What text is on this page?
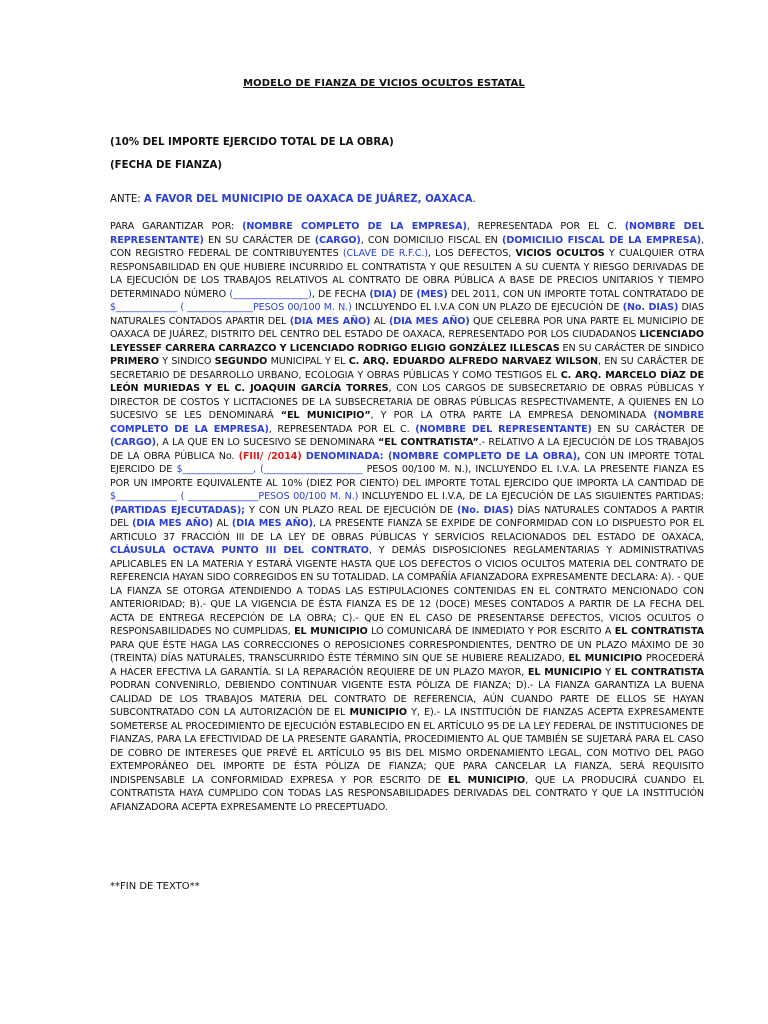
MODELO DE FIANZA DE VICIOS OCULTOS ESTATAL
(10% DEL IMPORTE EJERCIDO TOTAL DE LA OBRA)
(FECHA DE FIANZA)
ANTE: A FAVOR DEL MUNICIPIO DE OAXACA DE JUÁREZ, OAXACA.
PARA GARANTIZAR POR: (NOMBRE COMPLETO DE LA EMPRESA), REPRESENTADA POR EL C. (NOMBRE DEL REPRESENTANTE) EN SU CARÁCTER DE (CARGO), CON DOMICILIO FISCAL EN (DOMICILIO FISCAL DE LA EMPRESA), CON REGISTRO FEDERAL DE CONTRIBUYENTES (CLAVE DE R.F.C.), LOS DEFECTOS, VICIOS OCULTOS Y CUALQUIER OTRA RESPONSABILIDAD EN QUE HUBIERE INCURRIDO EL CONTRATISTA Y QUE RESULTEN A SU CUENTA Y RIESGO DERIVADAS DE LA EJECUCIÓN DE LOS TRABAJOS RELATIVOS AL CONTRATO DE OBRA PÚBLICA A BASE DE PRECIOS UNITARIOS Y TIEMPO DETERMINADO NÚMERO (________________), DE FECHA (DIA) DE (MES) DEL 2011, CON UN IMPORTE TOTAL CONTRATADO DE $_____________ ( ______________PESOS 00/100 M. N.) INCLUYENDO EL I.V.A CON UN PLAZO DE EJECUCIÓN DE (No. DIAS) DIAS NATURALES CONTADOS APARTIR DEL (DIA MES AÑO) AL (DIA MES AÑO) QUE CELEBRA POR UNA PARTE EL MUNICIPIO DE OAXACA DE JUÁREZ, DISTRITO DEL CENTRO DEL ESTADO DE OAXACA, REPRESENTADO POR LOS CIUDADANOS LICENCIADO LEYESSEF CARRERA CARRAZCO Y LICENCIADO RODRIGO ELIGIO GONZÁLEZ ILLESCAS EN SU CARÁCTER DE SINDICO PRIMERO Y SINDICO SEGUNDO MUNICIPAL Y EL C. ARQ. EDUARDO ALFREDO NARVAEZ WILSON, EN SU CARÁCTER DE SECRETARIO DE DESARROLLO URBANO, ECOLOGIA Y OBRAS PÚBLICAS Y COMO TESTIGOS EL C. ARQ. MARCELO DÍAZ DE LEÓN MURIEDAS Y EL C. JOAQUIN GARCÍA TORRES, CON LOS CARGOS DE SUBSECRETARIO DE OBRAS PÚBLICAS Y DIRECTOR DE COSTOS Y LICITACIONES DE LA SUBSECRETARIA DE OBRAS PÚBLICAS RESPECTIVAMENTE, A QUIENES EN LO SUCESIVO SE LES DENOMINARÁ “EL MUNICIPIO”, Y POR LA OTRA PARTE LA EMPRESA DENOMINADA (NOMBRE COMPLETO DE LA EMPRESA), REPRESENTADA POR EL C. (NOMBRE DEL REPRESENTANTE) EN SU CARÁCTER DE (CARGO), A LA QUE EN LO SUCESIVO SE DENOMINARA “EL CONTRATISTA”.- RELATIVO A LA EJECUCIÓN DE LOS TRABAJOS DE LA OBRA PÚBLICA No. (FIII/ /2014) DENOMINADA: (NOMBRE COMPLETO DE LA OBRA), CON UN IMPORTE TOTAL EJERCIDO DE $_______________, (_____________________ PESOS 00/100 M. N.), INCLUYENDO EL I.V.A. LA PRESENTE FIANZA ES POR UN IMPORTE EQUIVALENTE AL 10% (DIEZ POR CIENTO) DEL IMPORTE TOTAL EJERCIDO QUE IMPORTA LA CANTIDAD DE $_____________ ( _______________PESOS 00/100 M. N.) INCLUYENDO EL I.V.A, DE LA EJECUCIÓN DE LAS SIGUIENTES PARTIDAS: (PARTIDAS EJECUTADAS); Y CON UN PLAZO REAL DE EJECUCIÓN DE (No. DIAS) DÍAS NATURALES CONTADOS A PARTIR DEL (DIA MES AÑO) AL (DIA MES AÑO), LA PRESENTE FIANZA SE EXPIDE DE CONFORMIDAD CON LO DISPUESTO POR EL ARTICULO 37 FRACCIÓN III DE LA LEY DE OBRAS PÚBLICAS Y SERVICIOS RELACIONADOS DEL ESTADO DE OAXACA, CLÁUSULA OCTAVA PUNTO III DEL CONTRATO, Y DEMÁS DISPOSICIONES REGLAMENTARIAS Y ADMINISTRATIVAS APLICABLES EN LA MATERIA Y ESTARÁ VIGENTE HASTA QUE LOS DEFECTOS O VICIOS OCULTOS MATERIA DEL CONTRATO DE REFERENCIA HAYAN SIDO CORREGIDOS EN SU TOTALIDAD. LA COMPAÑÍA AFIANZADORA EXPRESAMENTE DECLARA: A). - QUE LA FIANZA SE OTORGA ATENDIENDO A TODAS LAS ESTIPULACIONES CONTENIDAS EN EL CONTRATO MENCIONADO CON ANTERIORIDAD; B).- QUE LA VIGENCIA DE ÉSTA FIANZA ES DE 12 (DOCE) MESES CONTADOS A PARTIR DE LA FECHA DEL ACTA DE ENTREGA RECEPCIÓN DE LA OBRA; C).- QUE EN EL CASO DE PRESENTARSE DEFECTOS, VICIOS OCULTOS O RESPONSABILIDADES NO CUMPLIDAS, EL MUNICIPIO LO COMUNICARÁ DE INMEDIATO Y POR ESCRITO A EL CONTRATISTA PARA QUE ÉSTE HAGA LAS CORRECCIONES O REPOSICIONES CORRESPONDIENTES, DENTRO DE UN PLAZO MÁXIMO DE 30 (TREINTA) DÍAS NATURALES, TRANSCURRIDO ÉSTE TÉRMINO SIN QUE SE HUBIERE REALIZADO, EL MUNICIPIO PROCEDERÁ A HACER EFECTIVA LA GARANTÍA. SI LA REPARACIÓN REQUIERE DE UN PLAZO MAYOR, EL MUNICIPIO Y EL CONTRATISTA PODRAN CONVENIRLO, DEBIENDO CONTINUAR VIGENTE ESTA PÓLIZA DE FIANZA; D).- LA FIANZA GARANTIZA LA BUENA CALIDAD DE LOS TRABAJOS MATERIA DEL CONTRATO DE REFERENCIA, AÚN CUANDO PARTE DE ELLOS SE HAYAN SUBCONTRATADO CON LA AUTORIZACIÓN DE EL MUNICIPIO Y, E).- LA INSTITUCIÓN DE FIANZAS ACEPTA EXPRESAMENTE SOMETERSE AL PROCEDIMIENTO DE EJECUCIÓN ESTABLECIDO EN EL ARTÍCULO 95 DE LA LEY FEDERAL DE INSTITUCIONES DE FIANZAS, PARA LA EFECTIVIDAD DE LA PRESENTE GARANTÍA, PROCEDIMIENTO AL QUE TAMBIÉN SE SUJETARÁ PARA EL CASO DE COBRO DE INTERESES QUE PREVÉ EL ARTÍCULO 95 BIS DEL MISMO ORDENAMIENTO LEGAL, CON MOTIVO DEL PAGO EXTEMPORÁNEO DEL IMPORTE DE ÉSTA PÓLIZA DE FIANZA; QUE PARA CANCELAR LA FIANZA, SERÁ REQUISITO INDISPENSABLE LA CONFORMIDAD EXPRESA Y POR ESCRITO DE EL MUNICIPIO, QUE LA PRODUCIRÁ CUANDO EL CONTRATISTA HAYA CUMPLIDO CON TODAS LAS RESPONSABILIDADES DERIVADAS DEL CONTRATO Y QUE LA INSTITUCIÓN AFIANZADORA ACEPTA EXPRESAMENTE LO PRECEPTUADO.
**FIN DE TEXTO**
